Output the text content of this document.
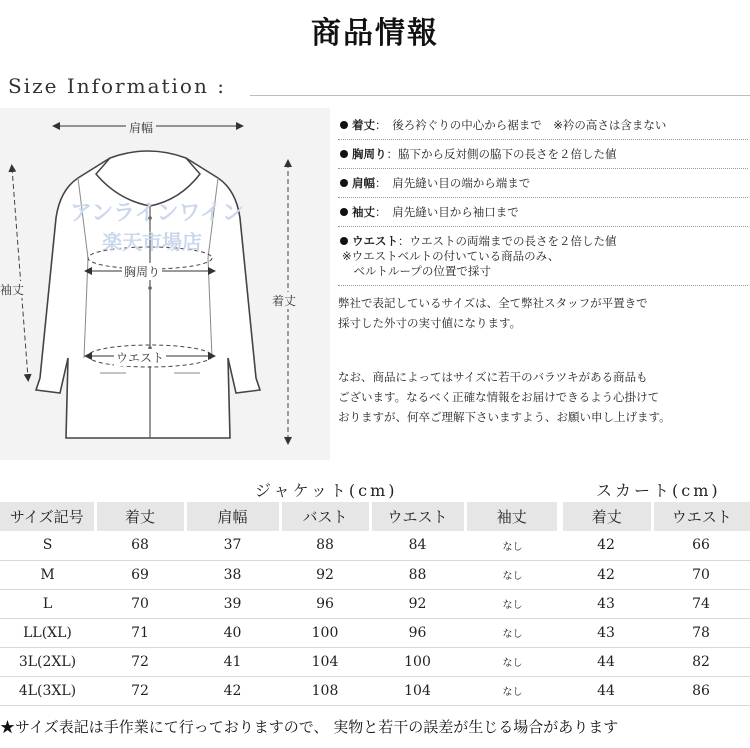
商品情報
Size Information :
アンラインワイン
楽天市場店
肩幅
胸周り
ウエスト
袖丈
着丈
着丈：　後ろ衿ぐりの中心から裾まで　※衿の高さは含まない
胸周り：脇下から反対側の脇下の長さを２倍した値
肩幅：　肩先縫い目の端から端まで
袖丈：　肩先縫い目から袖口まで
ウエスト：ウエストの両端までの長さを２倍した値
※ウエストベルトの付いている商品のみ、
　ベルトループの位置で採寸
弊社で表記しているサイズは、全て弊社スタッフが平置きで
採寸した外寸の実寸値になります。
なお、商品によってはサイズに若干のバラツキがある商品も
ございます。なるべく正確な情報をお届けできるよう心掛けて
おりますが、何卒ご理解下さいますよう、お願い申し上げます。
ジャケット(cm)	スカート(cm)
サイズ記号	着丈	肩幅	バスト	ウエスト	袖丈	着丈	ウエスト
S	68	37	88	84	なし	42	66
M	69	38	92	88	なし	42	70
L	70	39	96	92	なし	43	74
LL(XL)	71	40	100	96	なし	43	78
3L(2XL)	72	41	104	100	なし	44	82
4L(3XL)	72	42	108	104	なし	44	86
★サイズ表記は手作業にて行っておりますので、 実物と若干の誤差が生じる場合があります
